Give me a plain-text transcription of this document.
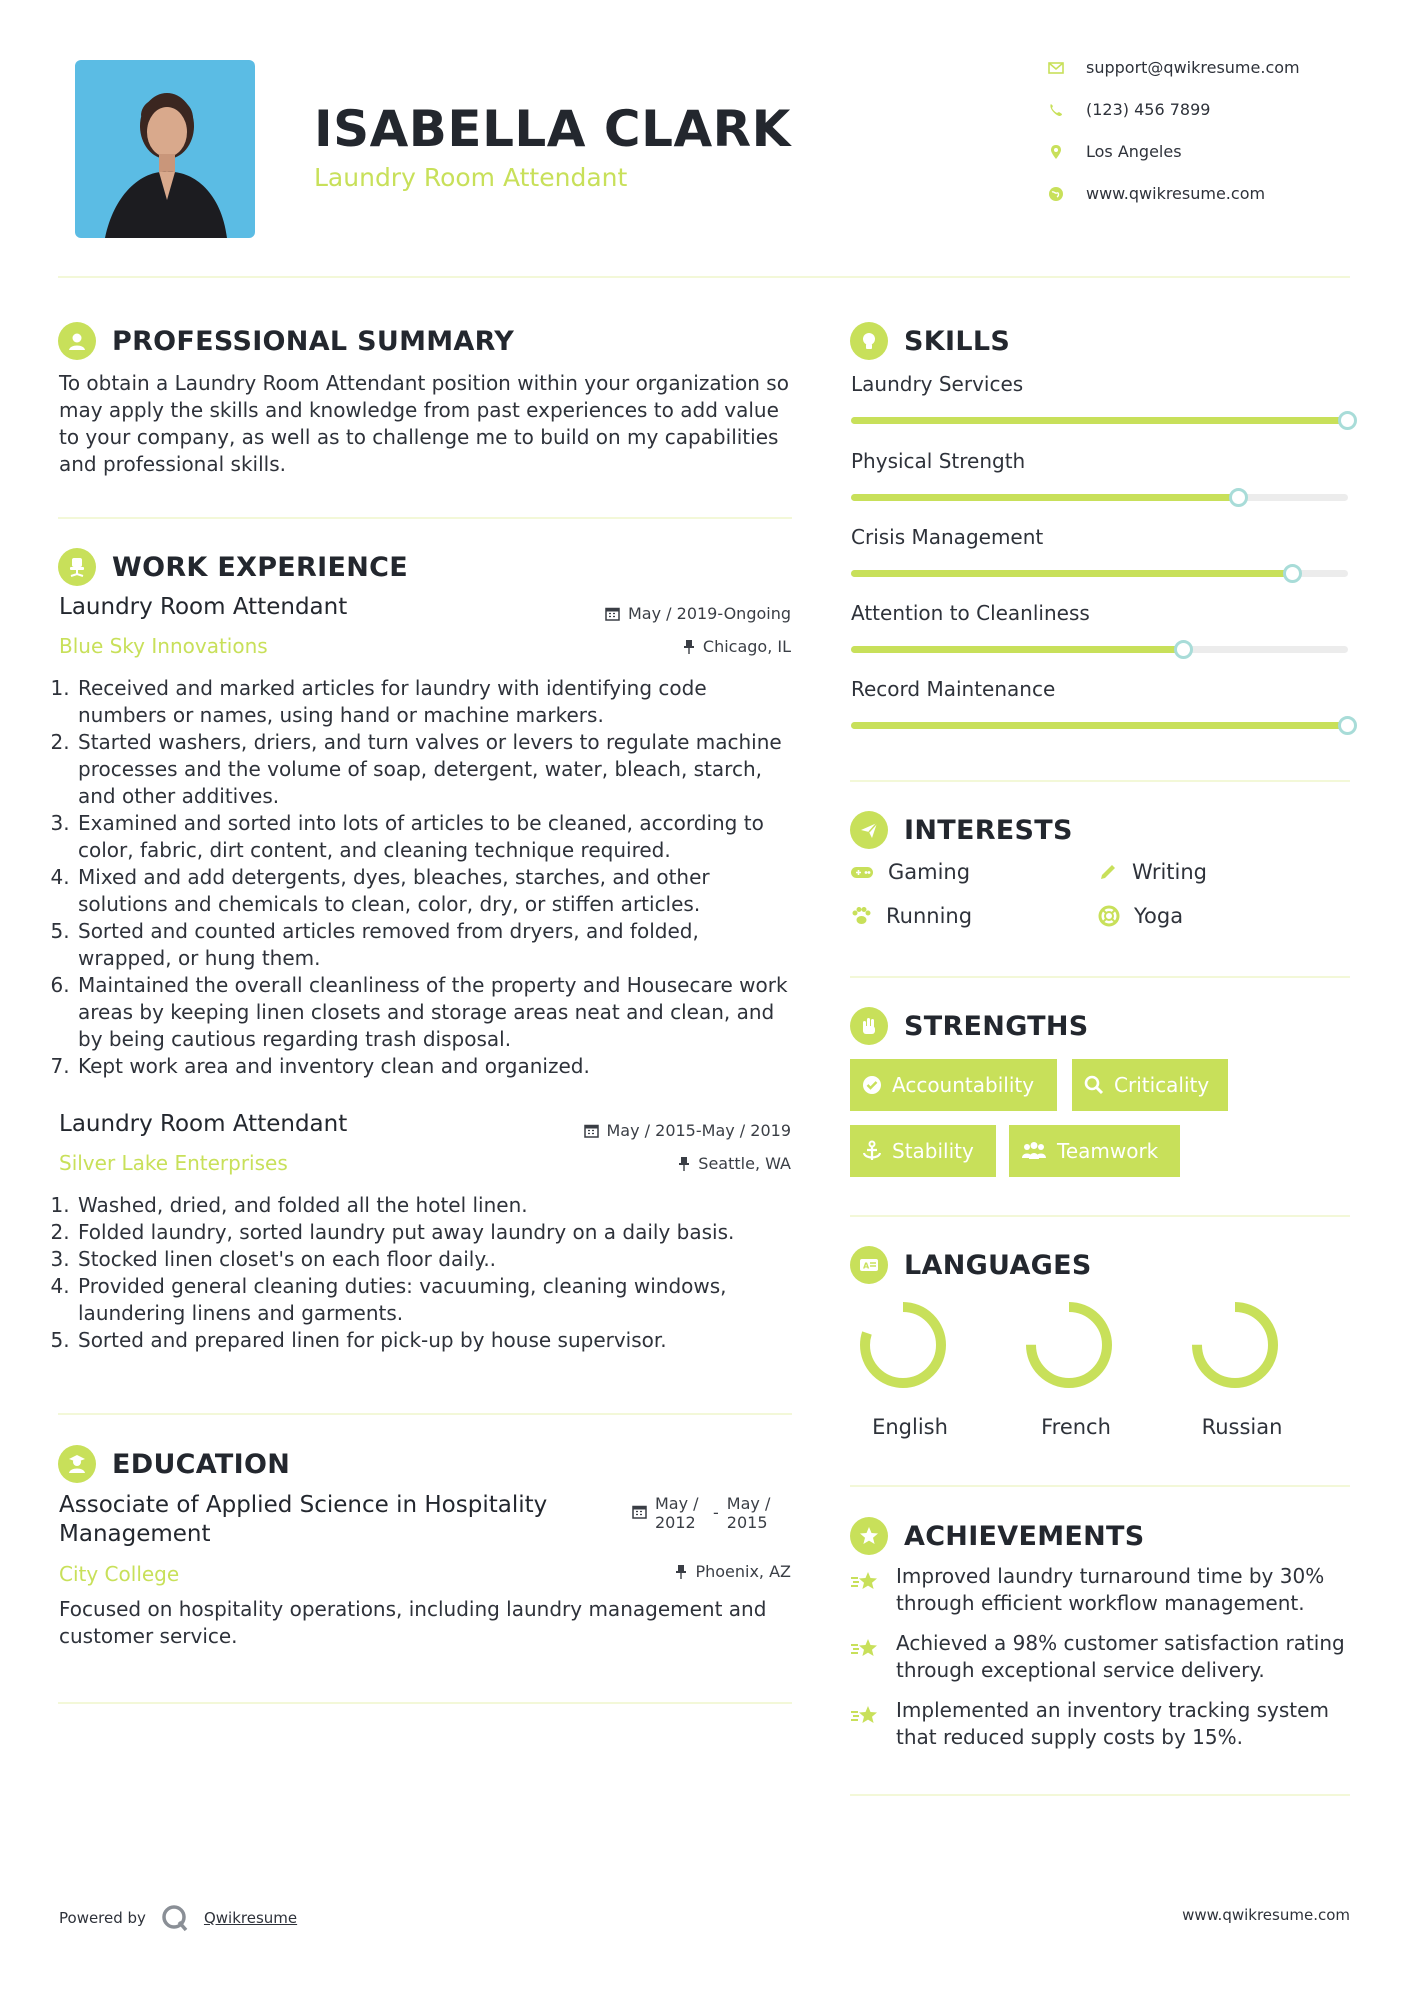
ISABELLA CLARK
Laundry Room Attendant
support@qwikresume.com
(123) 456 7899
Los Angeles
www.qwikresume.com
PROFESSIONAL SUMMARY
To obtain a Laundry Room Attendant position within your organization so may apply the skills and knowledge from past experiences to add value to your company, as well as to challenge me to build on my capabilities and professional skills.
WORK EXPERIENCE
Laundry Room Attendant	May / 2019-Ongoing
Blue Sky Innovations	Chicago, IL
1. Received and marked articles for laundry with identifying code numbers or names, using hand or machine markers.
2. Started washers, driers, and turn valves or levers to regulate machine processes and the volume of soap, detergent, water, bleach, starch, and other additives.
3. Examined and sorted into lots of articles to be cleaned, according to color, fabric, dirt content, and cleaning technique required.
4. Mixed and add detergents, dyes, bleaches, starches, and other solutions and chemicals to clean, color, dry, or stiffen articles.
5. Sorted and counted articles removed from dryers, and folded, wrapped, or hung them.
6. Maintained the overall cleanliness of the property and Housecare work areas by keeping linen closets and storage areas neat and clean, and by being cautious regarding trash disposal.
7. Kept work area and inventory clean and organized.
Laundry Room Attendant	May / 2015-May / 2019
Silver Lake Enterprises	Seattle, WA
1. Washed, dried, and folded all the hotel linen.
2. Folded laundry, sorted laundry put away laundry on a daily basis.
3. Stocked linen closet's on each floor daily..
4. Provided general cleaning duties: vacuuming, cleaning windows, laundering linens and garments.
5. Sorted and prepared linen for pick-up by house supervisor.
EDUCATION
Associate of Applied Science in Hospitality Management
May / 2012
- May / 2015
City College	Phoenix, AZ
Focused on hospitality operations, including laundry management and customer service.
SKILLS
Laundry Services
Physical Strength
Crisis Management
Attention to Cleanliness
Record Maintenance
INTERESTS
Gaming	Writing
Running	Yoga
STRENGTHS
Accountability	Criticality
Stability	Teamwork
A LANGUAGES
English	French	Russian
ACHIEVEMENTS
Improved laundry turnaround time by 30% through efficient workflow management.
Achieved a 98% customer satisfaction rating through exceptional service delivery.
Implemented an inventory tracking system that reduced supply costs by 15%.
Powered by	Qwikresume	www.qwikresume.com
